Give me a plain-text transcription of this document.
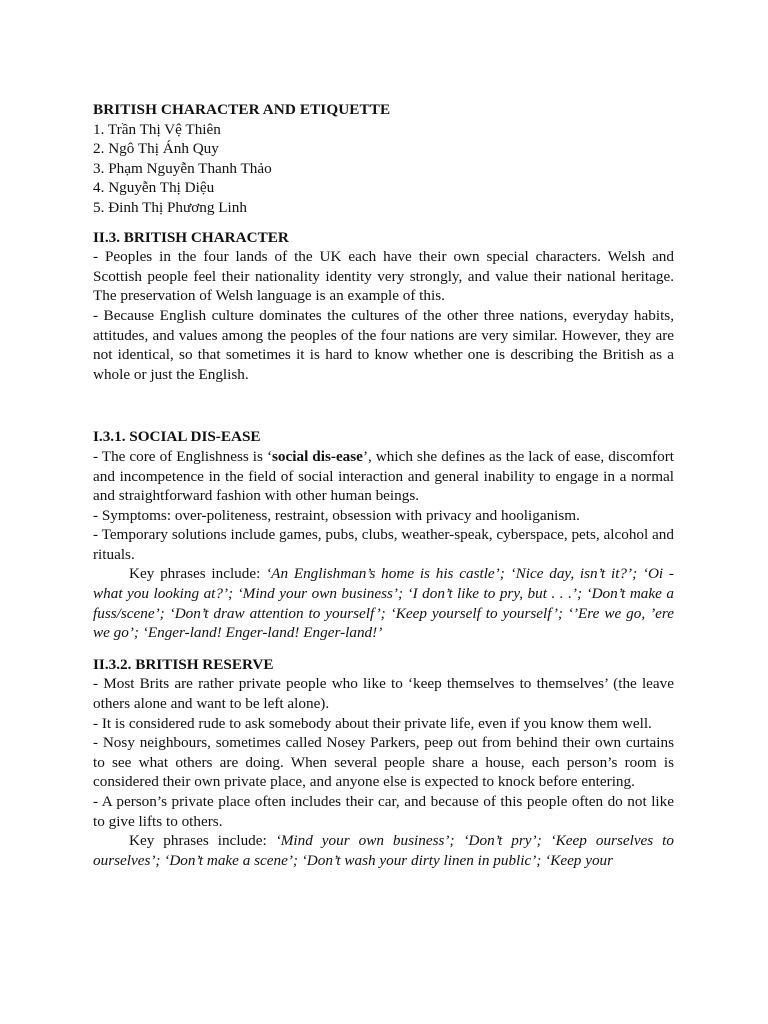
BRITISH CHARACTER AND ETIQUETTE

1. Trần Thị Vệ Thiên
2. Ngô Thị Ánh Quy
3. Phạm Nguyễn Thanh Thảo
4. Nguyễn Thị Diệu
5. Đinh Thị Phương Linh

II.3. BRITISH CHARACTER

- Peoples in the four lands of the UK each have their own special characters. Welsh and Scottish people feel their nationality identity very strongly, and value their national heritage. The preservation of Welsh language is an example of this.

- Because English culture dominates the cultures of the other three nations, everyday habits, attitudes, and values among the peoples of the four nations are very similar. However, they are not identical, so that sometimes it is hard to know whether one is describing the British as a whole or just the English.

I.3.1. SOCIAL DIS-EASE

- The core of Englishness is ‘social dis-ease’, which she defines as the lack of ease, discomfort and incompetence in the field of social interaction and general inability to engage in a normal and straightforward fashion with other human beings.

- Symptoms: over-politeness, restraint, obsession with privacy and hooliganism.

- Temporary solutions include games, pubs, clubs, weather-speak, cyberspace, pets, alcohol and rituals.

Key phrases include: ‘An Englishman’s home is his castle’; ‘Nice day, isn’t it?’; ‘Oi -what you looking at?’; ‘Mind your own business’; ‘I don’t like to pry, but . . .’; ‘Don’t make a fuss/scene’; ‘Don’t draw attention to yourself’; ‘Keep yourself to yourself’; ‘’Ere we go, ’ere we go’; ‘Enger-land! Enger-land! Enger-land!’

II.3.2. BRITISH RESERVE

- Most Brits are rather private people who like to ‘keep themselves to themselves’ (the leave others alone and want to be left alone).

- It is considered rude to ask somebody about their private life, even if you know them well.

- Nosy neighbours, sometimes called Nosey Parkers, peep out from behind their own curtains to see what others are doing. When several people share a house, each person’s room is considered their own private place, and anyone else is expected to knock before entering.

- A person’s private place often includes their car, and because of this people often do not like to give lifts to others.

Key phrases include: ‘Mind your own business’; ‘Don’t pry’; ‘Keep ourselves to ourselves’; ‘Don’t make a scene’; ‘Don’t wash your dirty linen in public’; ‘Keep your
